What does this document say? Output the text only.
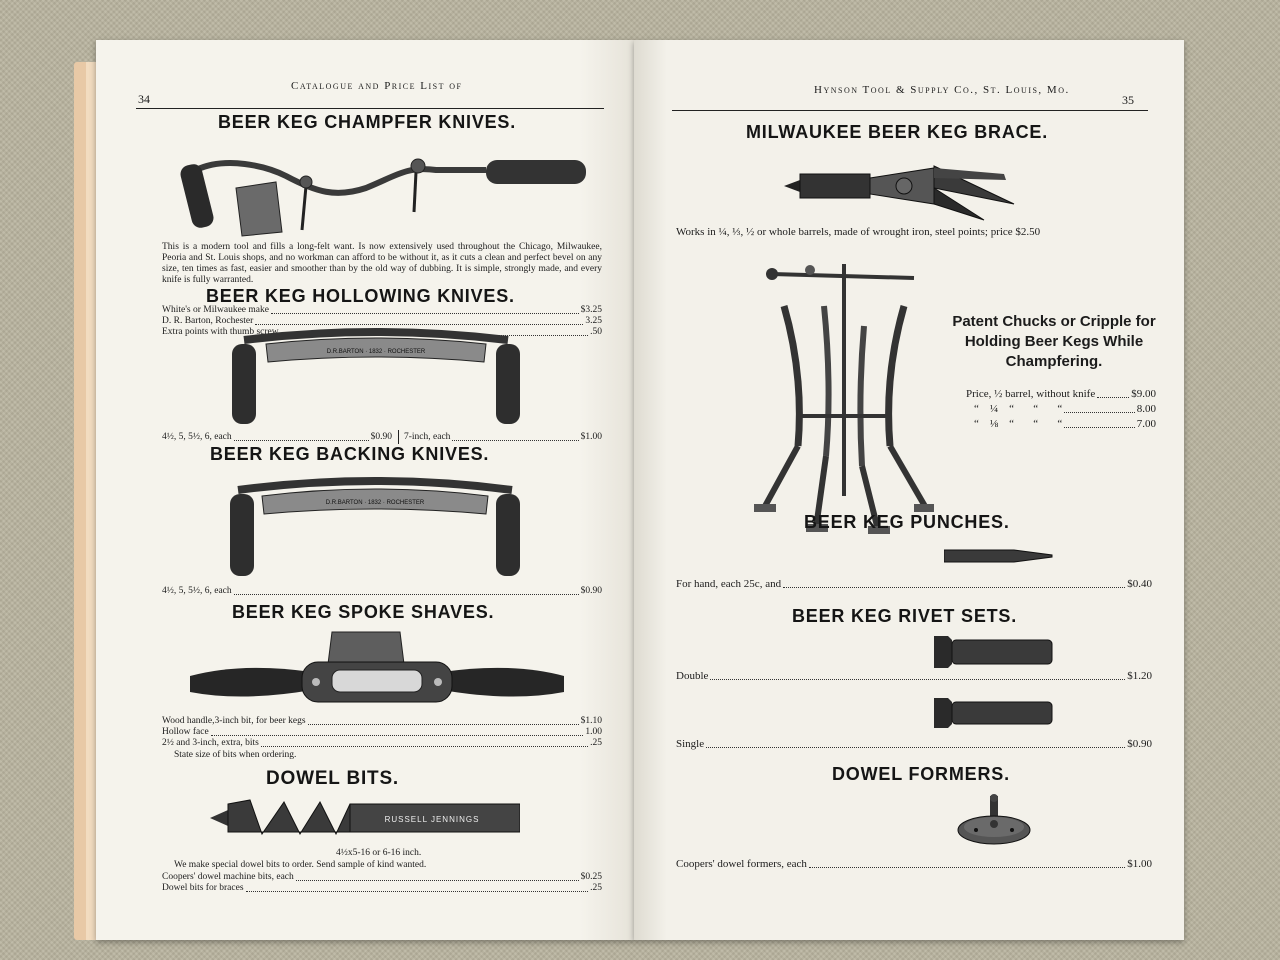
34
Catalogue and Price List of
BEER KEG CHAMPFER KNIVES.
This is a modern tool and fills a long-felt want. Is now extensively used throughout the Chicago, Milwaukee, Peoria and St. Louis shops, and no workman can afford to be without it, as it cuts a clean and perfect bevel on any size, ten times as fast, easier and smoother than by the old way of dubbing. It is simple, strongly made, and every knife is fully warranted.
White's or Milwaukee make	$3.25
D. R. Barton, Rochester	3.25
Extra points with thumb screw	.50
BEER KEG HOLLOWING KNIVES.
D.R.BARTON · 1832 · ROCHESTER
4½, 5, 5½, 6, each	$0.90 7-inch, each	$1.00
BEER KEG BACKING KNIVES.
D.R.BARTON · 1832 · ROCHESTER
4½, 5, 5½, 6, each	$0.90
BEER KEG SPOKE SHAVES.
Wood handle,3-inch bit, for beer kegs	$1.10
Hollow face	1.00
2½ and 3-inch, extra, bits	.25
State size of bits when ordering.
DOWEL BITS.
RUSSELL JENNINGS
4½x5-16 or 6-16 inch.
We make special dowel bits to order. Send sample of kind wanted.
Coopers' dowel machine bits, each	$0.25
Dowel bits for braces	.25
Hynson Tool & Supply Co., St. Louis, Mo.
35
MILWAUKEE BEER KEG BRACE.
Works in ¼, ⅓, ½ or whole barrels, made of wrought iron, steel points; price $2.50
Patent Chucks or Cripple for
Holding Beer Kegs While
Champfering.
Price, ½ barrel, without knife	$9.00
“    ¼    “       “       “	8.00
“    ⅛    “       “       “	7.00
BEER KEG PUNCHES.
For hand, each 25c, and	$0.40
BEER KEG RIVET SETS.
Double	$1.20
Single	$0.90
DOWEL FORMERS.
Coopers' dowel formers, each	$1.00
